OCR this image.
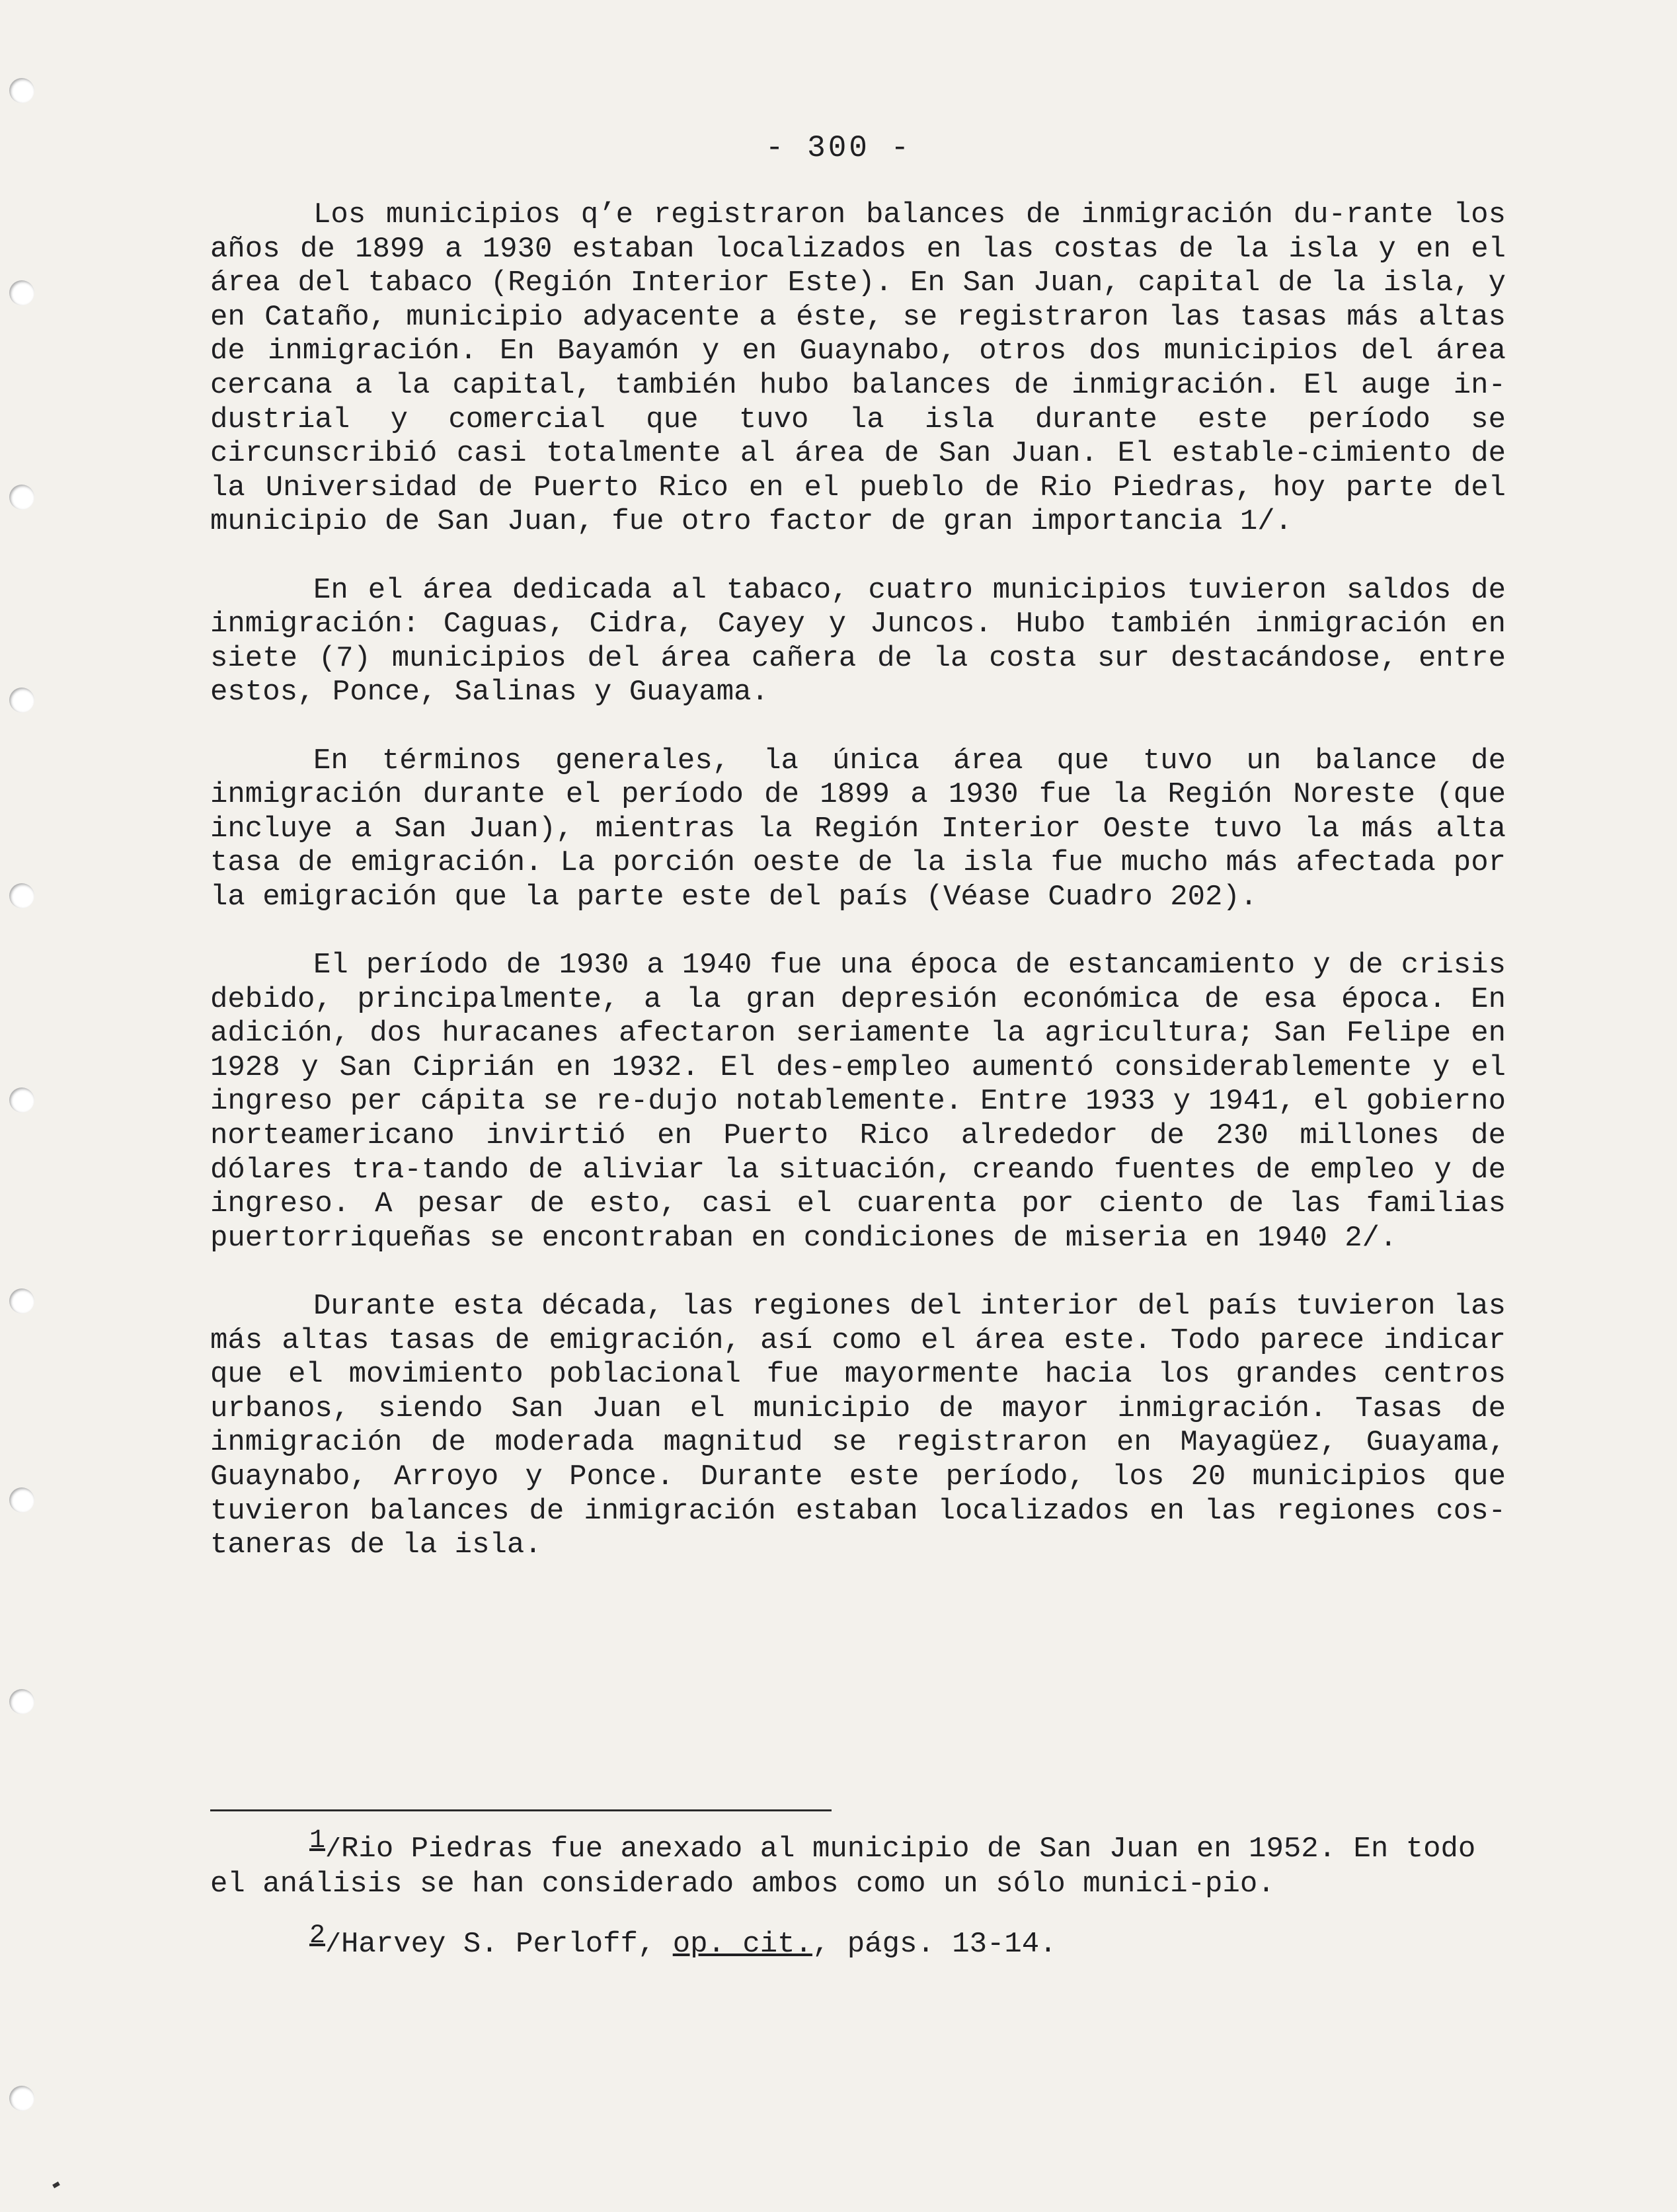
- 300 -

Los municipios q’e registraron balances de inmigración du-rante los años de 1899 a 1930 estaban localizados en las costas de la isla y en el área del tabaco (Región Interior Este). En San Juan, capital de la isla, y en Cataño, municipio adyacente a éste, se registraron las tasas más altas de inmigración. En Bayamón y en Guaynabo, otros dos municipios del área cercana a la capital, también hubo balances de inmigración. El auge in-dustrial y comercial que tuvo la isla durante este período se circunscribió casi totalmente al área de San Juan. El estable-cimiento de la Universidad de Puerto Rico en el pueblo de Rio Piedras, hoy parte del municipio de San Juan, fue otro factor de gran importancia 1/.

En el área dedicada al tabaco, cuatro municipios tuvieron saldos de inmigración: Caguas, Cidra, Cayey y Juncos. Hubo también inmigración en siete (7) municipios del área cañera de la costa sur destacándose, entre estos, Ponce, Salinas y Guayama.

En términos generales, la única área que tuvo un balance de inmigración durante el período de 1899 a 1930 fue la Región Noreste (que incluye a San Juan), mientras la Región Interior Oeste tuvo la más alta tasa de emigración. La porción oeste de la isla fue mucho más afectada por la emigración que la parte este del país (Véase Cuadro 202).

El período de 1930 a 1940 fue una época de estancamiento y de crisis debido, principalmente, a la gran depresión económica de esa época. En adición, dos huracanes afectaron seriamente la agricultura; San Felipe en 1928 y San Ciprián en 1932. El des-empleo aumentó considerablemente y el ingreso per cápita se re-dujo notablemente. Entre 1933 y 1941, el gobierno norteamericano invirtió en Puerto Rico alrededor de 230 millones de dólares tra-tando de aliviar la situación, creando fuentes de empleo y de ingreso. A pesar de esto, casi el cuarenta por ciento de las familias puertorriqueñas se encontraban en condiciones de miseria en 1940 2/.

Durante esta década, las regiones del interior del país tuvieron las más altas tasas de emigración, así como el área este. Todo parece indicar que el movimiento poblacional fue mayormente hacia los grandes centros urbanos, siendo San Juan el municipio de mayor inmigración. Tasas de inmigración de moderada magnitud se registraron en Mayagüez, Guayama, Guaynabo, Arroyo y Ponce. Durante este período, los 20 municipios que tuvieron balances de inmigración estaban localizados en las regiones cos-taneras de la isla.

1/Rio Piedras fue anexado al municipio de San Juan en 1952. En todo el análisis se han considerado ambos como un sólo munici-pio.
2/Harvey S. Perloff, op. cit., págs. 13-14.
